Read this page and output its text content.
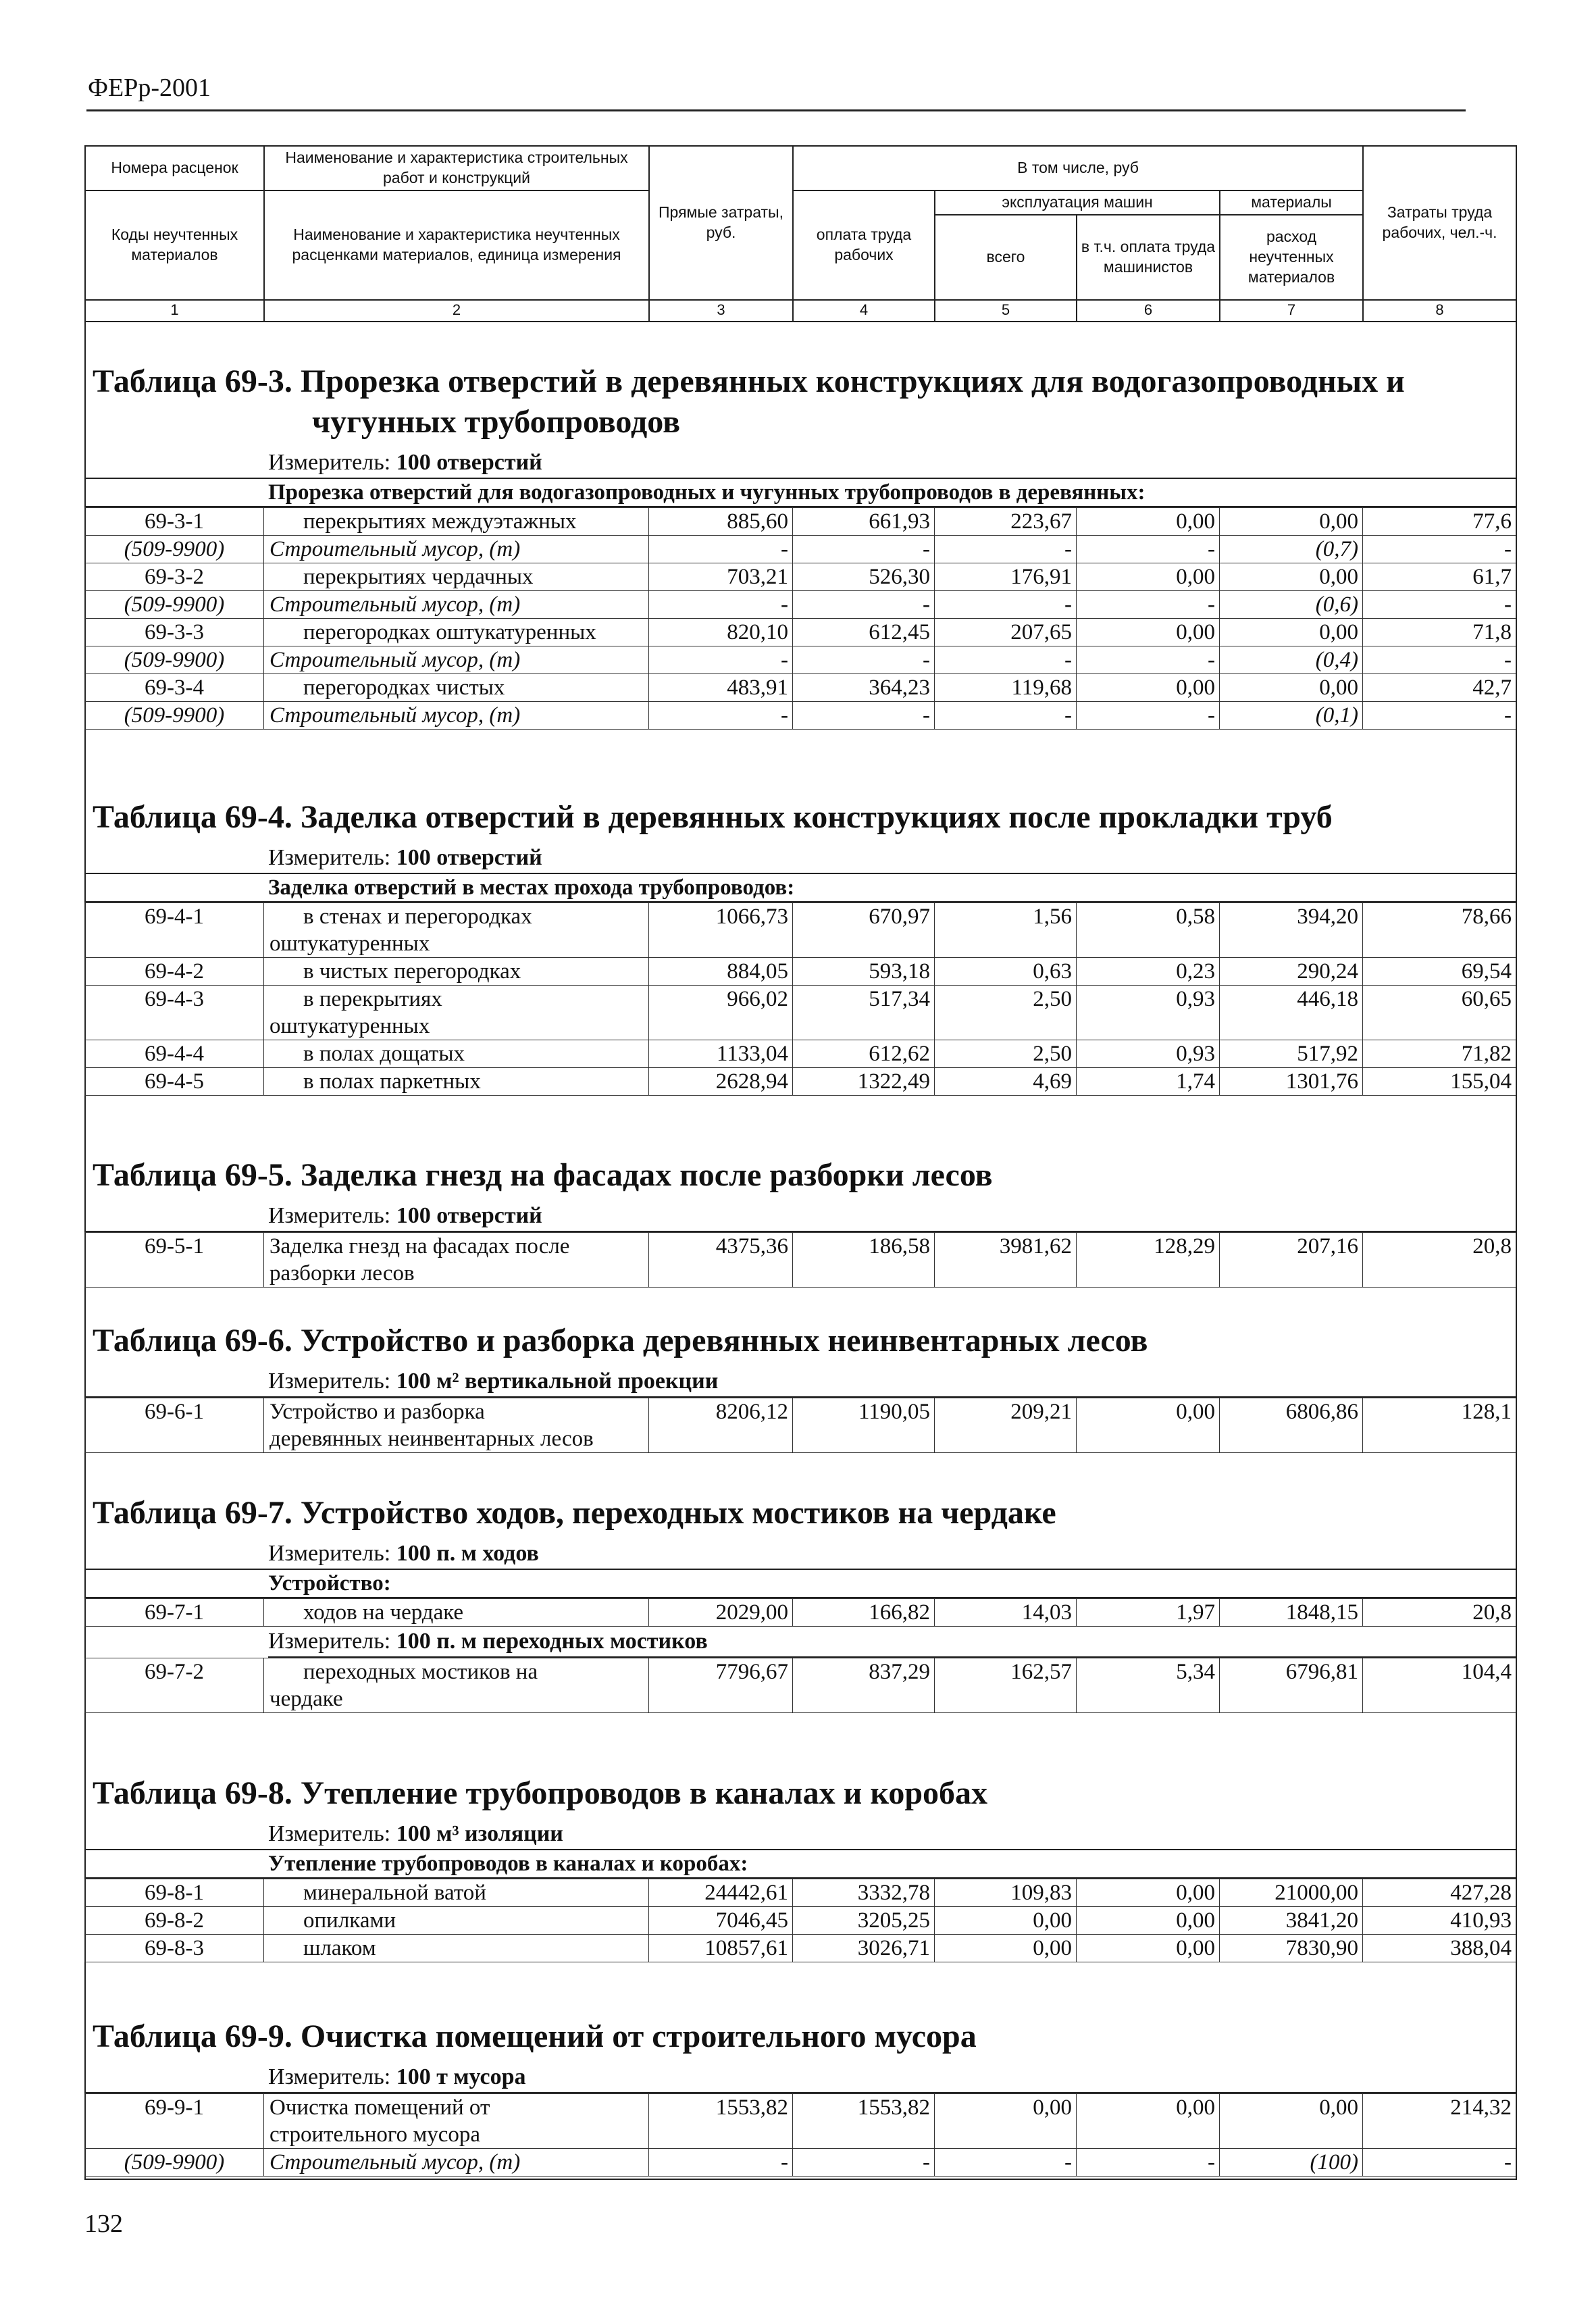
ФЕРр-2001
Номера расценок	Наименование и характеристика строительных работ и конструкций	Прямые затраты, руб.	В том числе, руб				Затраты труда рабочих, чел.-ч.
Коды неучтенных материалов	Наименование и характеристика неучтенных расценками материалов, единица измерения		оплата труда рабочих	эксплуатация машин		материалы	
				всего	в т.ч. оплата труда машинистов	расход неучтенных материалов	
1	2	3	4	5	6	7	8
Таблица 69-3. Прорезка отверстий в деревянных конструкциях для водогазопроводных и
чугунных трубопроводов
Измеритель: 100 отверстий
Прорезка отверстий для водогазопроводных и чугунных трубопроводов в деревянных:
69-3-1	перекрытиях междуэтажных	885,60	661,93	223,67	0,00	0,00	77,6
(509-9900)	Строительный мусор, (т)	-	-	-	-	(0,7)	-
69-3-2	перекрытиях чердачных	703,21	526,30	176,91	0,00	0,00	61,7
(509-9900)	Строительный мусор, (т)	-	-	-	-	(0,6)	-
69-3-3	перегородках оштукатуренных	820,10	612,45	207,65	0,00	0,00	71,8
(509-9900)	Строительный мусор, (т)	-	-	-	-	(0,4)	-
69-3-4	перегородках чистых	483,91	364,23	119,68	0,00	0,00	42,7
(509-9900)	Строительный мусор, (т)	-	-	-	-	(0,1)	-
Таблица 69-4. Заделка отверстий в деревянных конструкциях после прокладки труб
Измеритель: 100 отверстий
Заделка отверстий в местах прохода трубопроводов:
69-4-1	в стенах и перегородках
оштукатуренных	1066,73	670,97	1,56	0,58	394,20	78,66
69-4-2	в чистых перегородках	884,05	593,18	0,63	0,23	290,24	69,54
69-4-3	в перекрытиях
оштукатуренных	966,02	517,34	2,50	0,93	446,18	60,65
69-4-4	в полах дощатых	1133,04	612,62	2,50	0,93	517,92	71,82
69-4-5	в полах паркетных	2628,94	1322,49	4,69	1,74	1301,76	155,04
Таблица 69-5. Заделка гнезд на фасадах после разборки лесов
Измеритель: 100 отверстий
69-5-1	Заделка гнезд на фасадах после
разборки лесов	4375,36	186,58	3981,62	128,29	207,16	20,8
Таблица 69-6. Устройство и разборка деревянных неинвентарных лесов
Измеритель: 100 м² вертикальной проекции
69-6-1	Устройство и разборка
деревянных неинвентарных лесов	8206,12	1190,05	209,21	0,00	6806,86	128,1
Таблица 69-7. Устройство ходов, переходных мостиков на чердаке
Измеритель: 100 п. м ходов
Устройство:
69-7-1	ходов на чердаке	2029,00	166,82	14,03	1,97	1848,15	20,8
Измеритель: 100 п. м переходных мостиков
69-7-2	переходных мостиков на
чердаке	7796,67	837,29	162,57	5,34	6796,81	104,4
Таблица 69-8. Утепление трубопроводов в каналах и коробах
Измеритель: 100 м³ изоляции
Утепление трубопроводов в каналах и коробах:
69-8-1	минеральной ватой	24442,61	3332,78	109,83	0,00	21000,00	427,28
69-8-2	опилками	7046,45	3205,25	0,00	0,00	3841,20	410,93
69-8-3	шлаком	10857,61	3026,71	0,00	0,00	7830,90	388,04
Таблица 69-9. Очистка помещений от строительного мусора
Измеритель: 100 т мусора
69-9-1	Очистка помещений от
строительного мусора	1553,82	1553,82	0,00	0,00	0,00	214,32
(509-9900)	Строительный мусор, (т)	-	-	-	-	(100)	-
132
